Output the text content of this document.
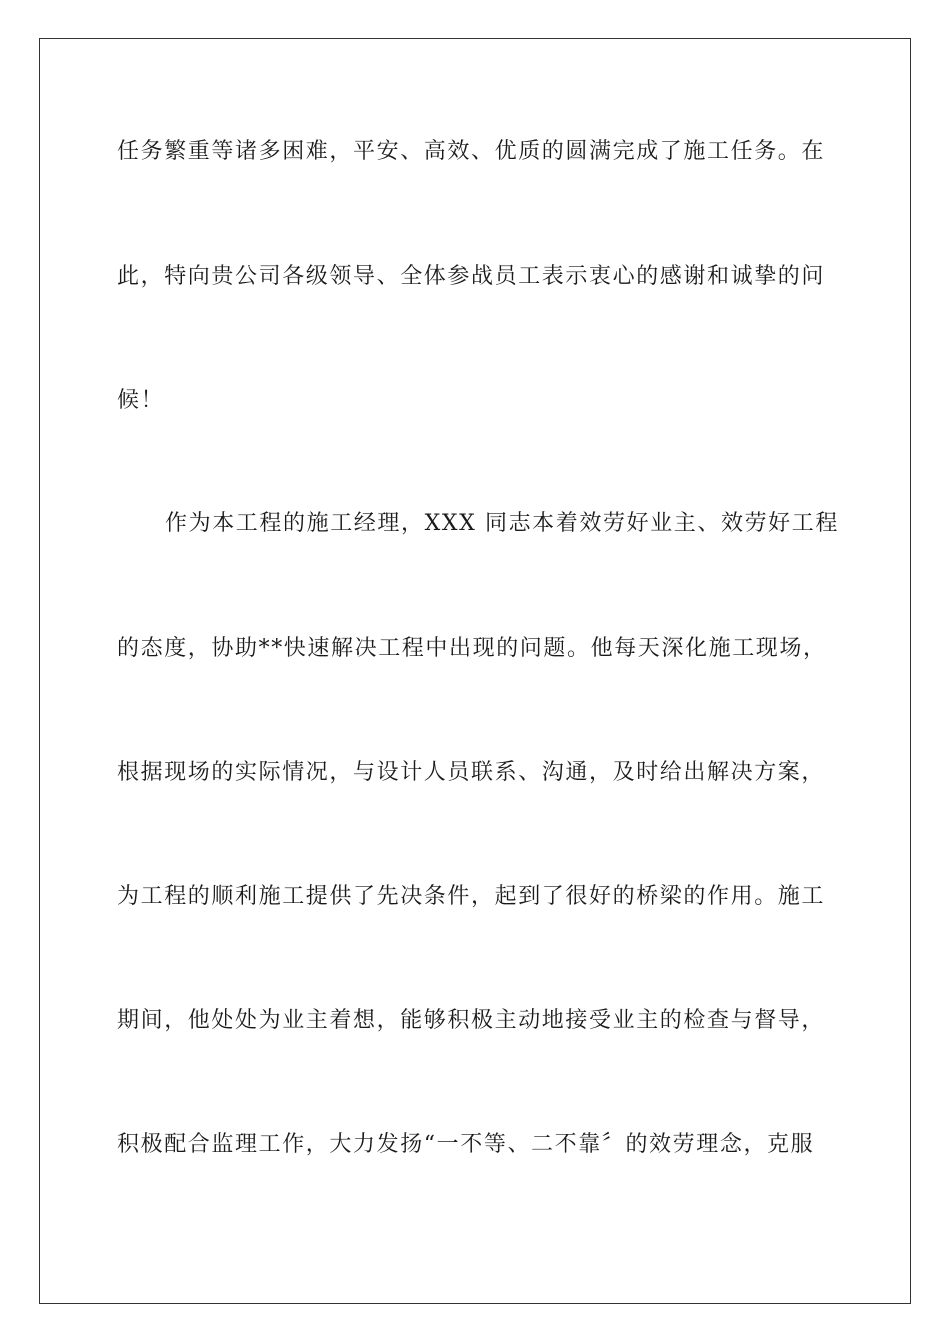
任务繁重等诸多困难，平安、高效、优质的圆满完成了施工任务。在
此，特向贵公司各级领导、全体参战员工表示衷心的感谢和诚挚的问
候！
作为本工程的施工经理，XXX 同志本着效劳好业主、效劳好工程
的态度，协助**快速解决工程中出现的问题。他每天深化施工现场，
根据现场的实际情况，与设计人员联系、沟通，及时给出解决方案，
为工程的顺利施工提供了先决条件，起到了很好的桥梁的作用。施工
期间，他处处为业主着想，能够积极主动地接受业主的检查与督导，
积极配合监理工作，大力发扬“一不等、二不靠〞的效劳理念，克服
